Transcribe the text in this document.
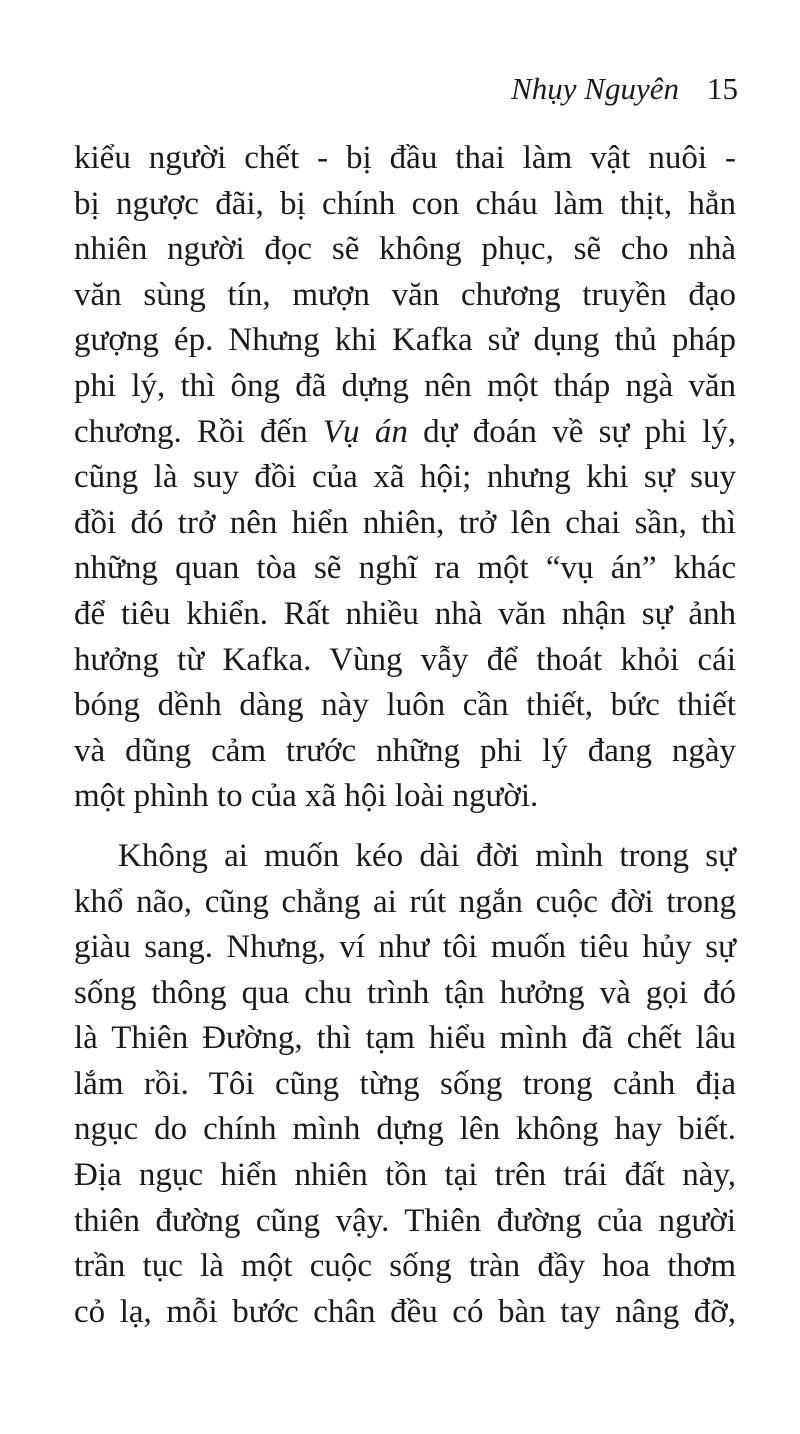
Nhụy Nguyên 15
kiểu người chết - bị đầu thai làm vật nuôi -
bị ngược đãi, bị chính con cháu làm thịt, hẳn
nhiên người đọc sẽ không phục, sẽ cho nhà
văn sùng tín, mượn văn chương truyền đạo
gượng ép. Nhưng khi Kafka sử dụng thủ pháp
phi lý, thì ông đã dựng nên một tháp ngà văn
chương. Rồi đến Vụ án dự đoán về sự phi lý,
cũng là suy đồi của xã hội; nhưng khi sự suy
đồi đó trở nên hiển nhiên, trở lên chai sần, thì
những quan tòa sẽ nghĩ ra một “vụ án” khác
để tiêu khiển. Rất nhiều nhà văn nhận sự ảnh
hưởng từ Kafka. Vùng vẫy để thoát khỏi cái
bóng dềnh dàng này luôn cần thiết, bức thiết
và dũng cảm trước những phi lý đang ngày
một phình to của xã hội loài người.
Không ai muốn kéo dài đời mình trong sự
khổ não, cũng chẳng ai rút ngắn cuộc đời trong
giàu sang. Nhưng, ví như tôi muốn tiêu hủy sự
sống thông qua chu trình tận hưởng và gọi đó
là Thiên Đường, thì tạm hiểu mình đã chết lâu
lắm rồi. Tôi cũng từng sống trong cảnh địa
ngục do chính mình dựng lên không hay biết.
Địa ngục hiển nhiên tồn tại trên trái đất này,
thiên đường cũng vậy. Thiên đường của người
trần tục là một cuộc sống tràn đầy hoa thơm
cỏ lạ, mỗi bước chân đều có bàn tay nâng đỡ,
